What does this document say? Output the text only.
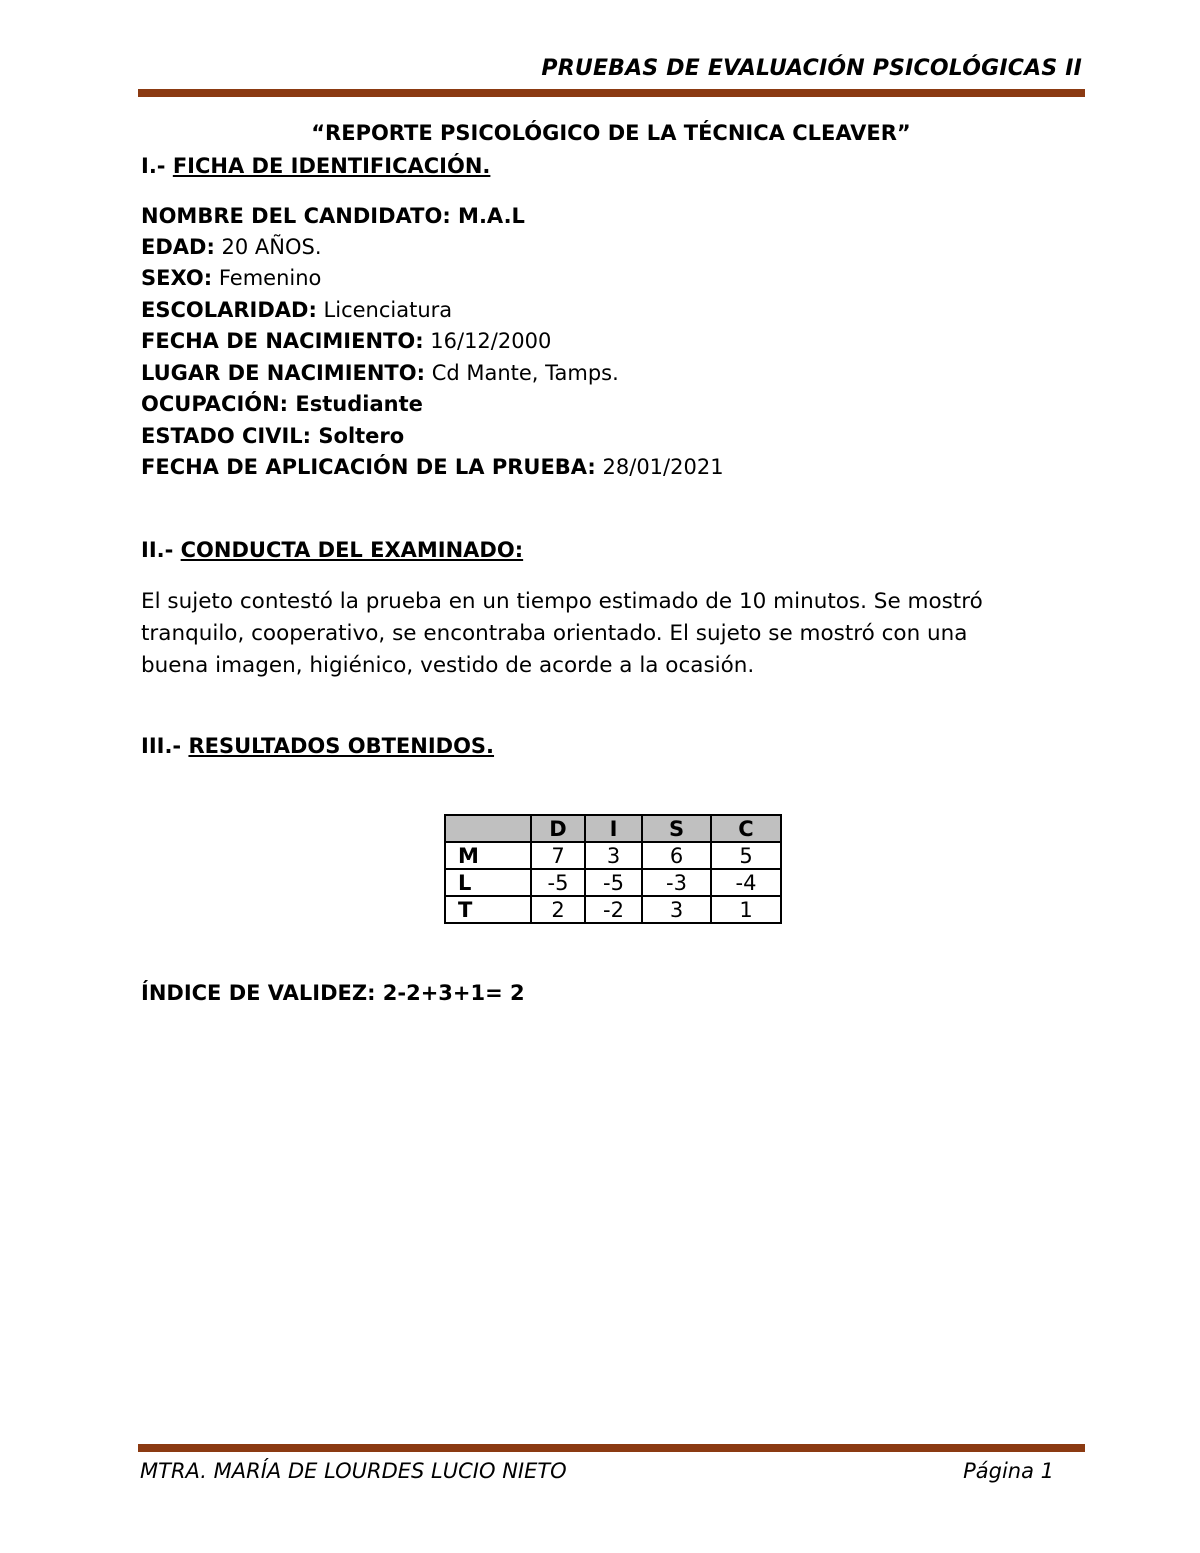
PRUEBAS DE EVALUACIÓN PSICOLÓGICAS II
“REPORTE PSICOLÓGICO DE LA TÉCNICA CLEAVER”
I.- FICHA DE IDENTIFICACIÓN.
NOMBRE DEL CANDIDATO: M.A.L
EDAD: 20 AÑOS.
SEXO: Femenino
ESCOLARIDAD: Licenciatura
FECHA DE NACIMIENTO: 16/12/2000
LUGAR DE NACIMIENTO: Cd Mante, Tamps.
OCUPACIÓN: Estudiante
ESTADO CIVIL: Soltero
FECHA DE APLICACIÓN DE LA PRUEBA: 28/01/2021
II.- CONDUCTA DEL EXAMINADO:
El sujeto contestó la prueba en un tiempo estimado de 10 minutos. Se mostró
tranquilo, cooperativo, se encontraba orientado. El sujeto se mostró con una
buena imagen, higiénico, vestido de acorde a la ocasión.
III.- RESULTADOS OBTENIDOS.
	D	I	S	C
M	7	3	6	5
L	-5	-5	-3	-4
T	2	-2	3	1
ÍNDICE DE VALIDEZ: 2-2+3+1= 2
MTRA. MARÍA DE LOURDES LUCIO NIETO	Página 1
